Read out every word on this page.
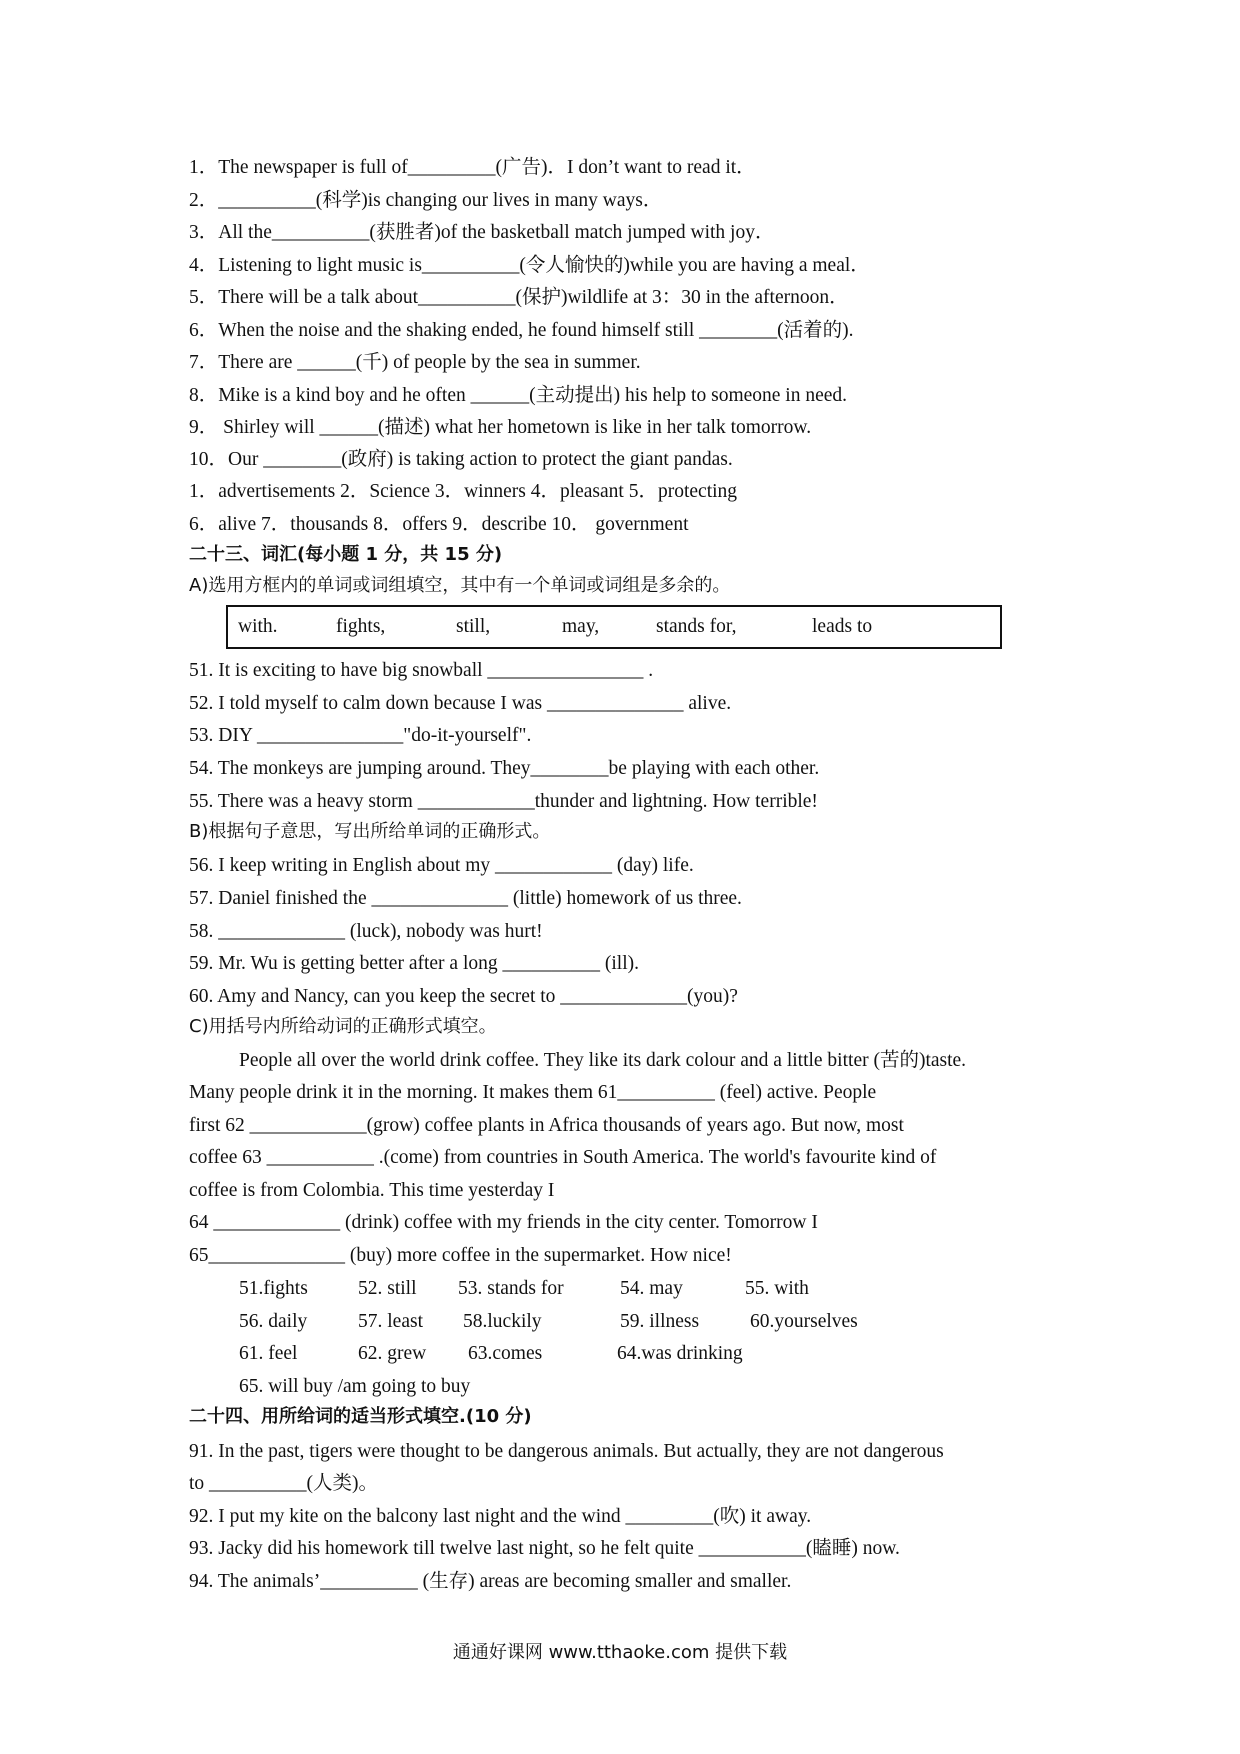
1．The newspaper is full of_________(广告)．I don’t want to read it．
2．__________(科学)is changing our lives in many ways．
3．All the__________(获胜者)of the basketball match jumped with joy．
4．Listening to light music is__________(令人愉快的)while you are having a meal．
5．There will be a talk about__________(保护)wildlife at 3：30 in the afternoon．
6．When the noise and the shaking ended, he found himself still ________(活着的).
7．There are ______(千) of people by the sea in summer.
8．Mike is a kind boy and he often ______(主动提出) his help to someone in need.
9． Shirley will ______(描述) what her hometown is like in her talk tomorrow.
10．Our ________(政府) is taking action to protect the giant pandas.
1．advertisements 2．Science 3．winners 4．pleasant 5．protecting
6．alive 7．thousands 8．offers 9．describe 10． government
二十三、词汇(每小题 1 分，共 15 分)
A)选用方框内的单词或词组填空，其中有一个单词或词组是多余的。
with.	fights,	still,	may,	stands for,	leads to
51. It is exciting to have big snowball ________________ .
52. I told myself to calm down because I was ______________ alive.
53. DIY _______________"do-it-yourself".
54. The monkeys are jumping around. They________be playing with each other.
55. There was a heavy storm ____________thunder and lightning. How terrible!
B)根据句子意思，写出所给单词的正确形式。
56. I keep writing in English about my ____________ (day) life.
57. Daniel finished the ______________ (little) homework of us three.
58. _____________ (luck), nobody was hurt!
59. Mr. Wu is getting better after a long __________ (ill).
60. Amy and Nancy, can you keep the secret to _____________(you)?
C)用括号内所给动词的正确形式填空。
People all over the world drink coffee. They like its dark colour and a little bitter (苦的)taste.
Many people drink it in the morning. It makes them 61__________ (feel) active. People
first 62 ____________(grow) coffee plants in Africa thousands of years ago. But now, most
coffee 63 ___________ .(come) from countries in South America. The world's favourite kind of
coffee is from Colombia. This time yesterday I
64 _____________ (drink) coffee with my friends in the city center. Tomorrow I
65______________ (buy) more coffee in the supermarket. How nice!
51.fights	52. still 53. stands for	54. may	55. with
56. daily	57. least 58.luckily	59. illness	60.yourselves
61. feel	62. grew 63.comes	64.was drinking
65. will buy /am going to buy
二十四、用所给词的适当形式填空.(10 分)
91. In the past, tigers were thought to be dangerous animals. But actually, they are not dangerous
to __________(人类)。
92. I put my kite on the balcony last night and the wind _________(吹) it away.
93. Jacky did his homework till twelve last night, so he felt quite ___________(瞌睡) now.
94. The animals’__________ (生存) areas are becoming smaller and smaller.
通通好课网 www.tthaoke.com 提供下载
